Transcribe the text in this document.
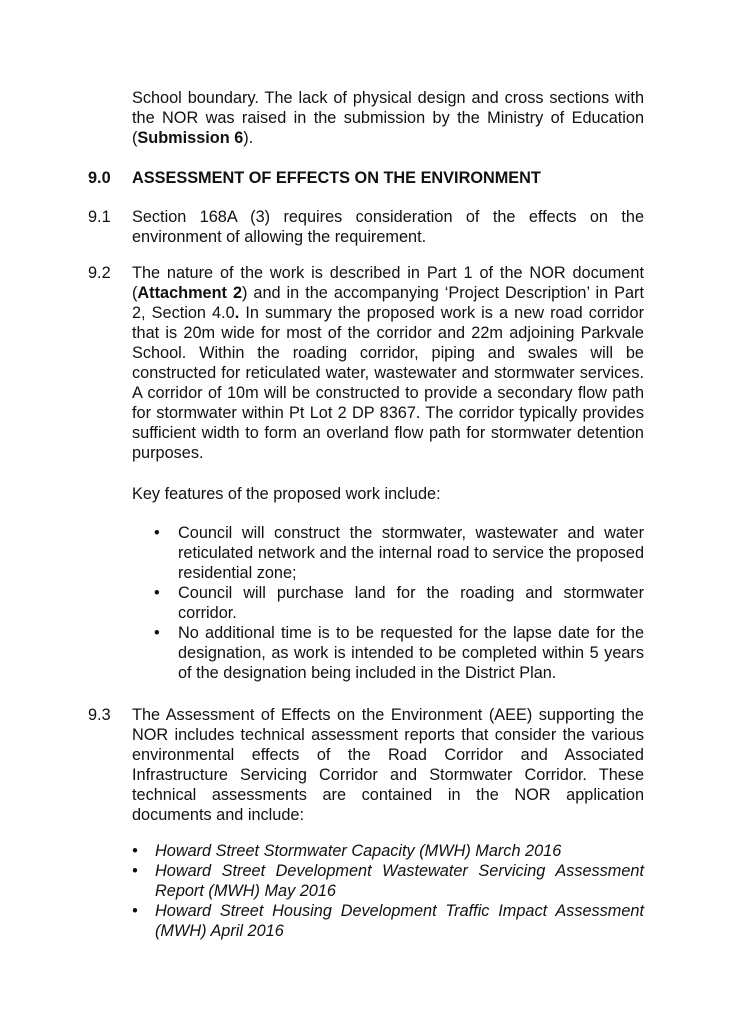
School boundary. The lack of physical design and cross sections with the NOR was raised in the submission by the Ministry of Education (Submission 6).
9.0	ASSESSMENT OF EFFECTS ON THE ENVIRONMENT
9.1	Section 168A (3) requires consideration of the effects on the environment of allowing the requirement.
9.2	The nature of the work is described in Part 1 of the NOR document (Attachment 2) and in the accompanying ‘Project Description’ in Part 2, Section 4.0. In summary the proposed work is a new road corridor that is 20m wide for most of the corridor and 22m adjoining Parkvale School. Within the roading corridor, piping and swales will be constructed for reticulated water, wastewater and stormwater services. A corridor of 10m will be constructed to provide a secondary flow path for stormwater within Pt Lot 2 DP 8367. The corridor typically provides sufficient width to form an overland flow path for stormwater detention purposes.
Key features of the proposed work include:
• Council will construct the stormwater, wastewater and water reticulated network and the internal road to service the proposed residential zone;
• Council will purchase land for the roading and stormwater corridor.
• No additional time is to be requested for the lapse date for the designation, as work is intended to be completed within 5 years of the designation being included in the District Plan.
9.3	The Assessment of Effects on the Environment (AEE) supporting the NOR includes technical assessment reports that consider the various environmental effects of the Road Corridor and Associated Infrastructure Servicing Corridor and Stormwater Corridor. These technical assessments are contained in the NOR application documents and include:
• Howard Street Stormwater Capacity (MWH) March 2016
• Howard Street Development Wastewater Servicing Assessment Report (MWH) May 2016
• Howard Street Housing Development Traffic Impact Assessment (MWH) April 2016
